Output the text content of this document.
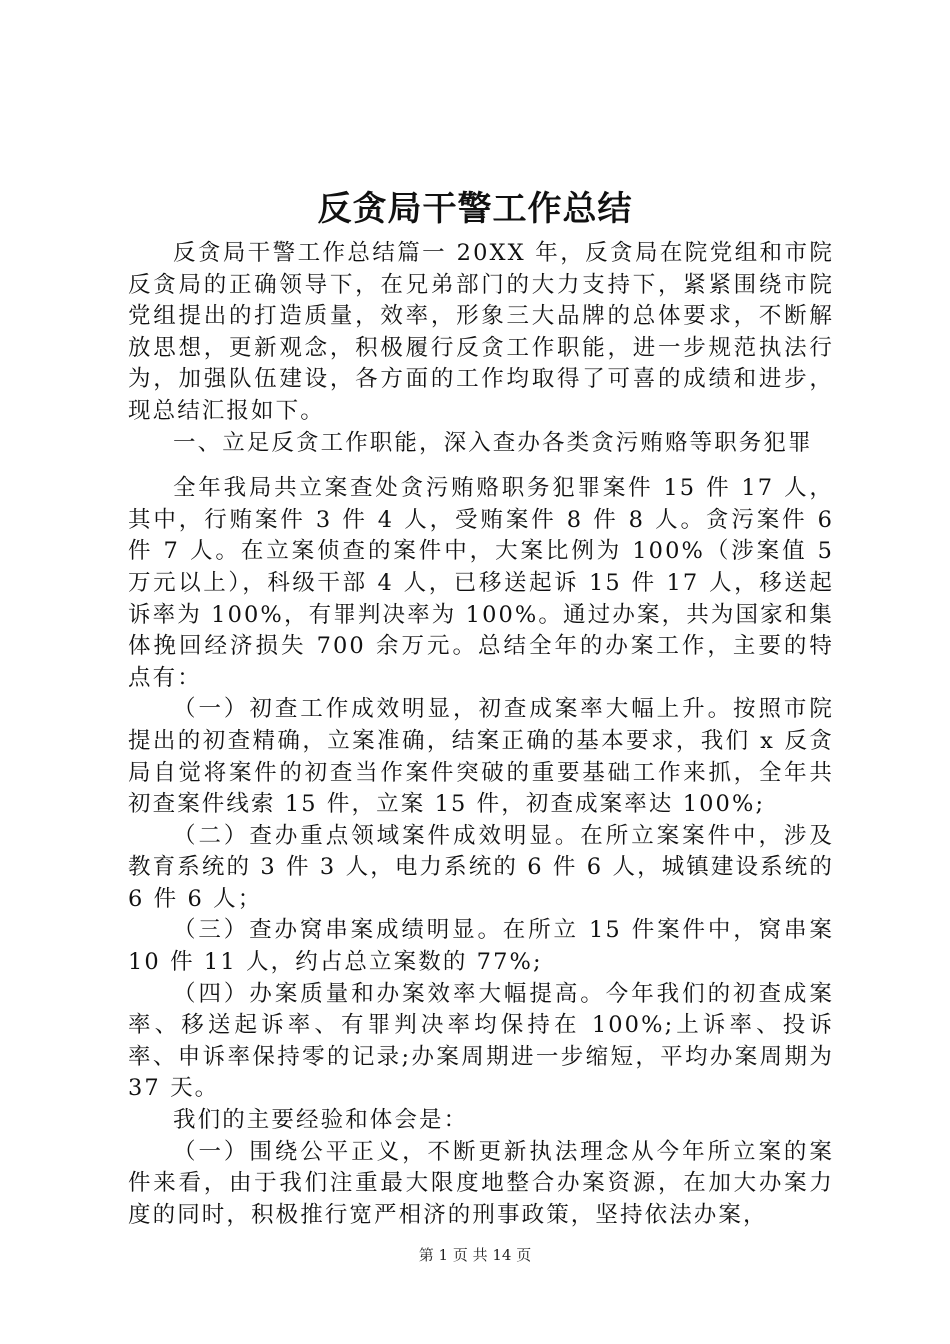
反贪局干警工作总结

反贪局干警工作总结篇一 20XX 年，反贪局在院党组和市院反贪局的正确领导下，在兄弟部门的大力支持下，紧紧围绕市院党组提出的打造质量，效率，形象三大品牌的总体要求，不断解放思想，更新观念，积极履行反贪工作职能，进一步规范执法行为，加强队伍建设，各方面的工作均取得了可喜的成绩和进步，现总结汇报如下。

一、立足反贪工作职能，深入查办各类贪污贿赂等职务犯罪

全年我局共立案查处贪污贿赂职务犯罪案件 15 件 17 人，其中，行贿案件 3 件 4 人，受贿案件 8 件 8 人。贪污案件 6 件 7 人。在立案侦查的案件中，大案比例为 100%（涉案值 5 万元以上），科级干部 4 人，已移送起诉 15 件 17 人，移送起诉率为 100%，有罪判决率为 100%。通过办案，共为国家和集体挽回经济损失 700 余万元。总结全年的办案工作，主要的特点有：

（一）初查工作成效明显，初查成案率大幅上升。按照市院提出的初查精确，立案准确，结案正确的基本要求，我们 x 反贪局自觉将案件的初查当作案件突破的重要基础工作来抓，全年共初查案件线索 15 件，立案 15 件，初查成案率达 100%;

（二）查办重点领域案件成效明显。在所立案案件中，涉及教育系统的 3 件 3 人，电力系统的 6 件 6 人，城镇建设系统的 6 件 6 人；

（三）查办窝串案成绩明显。在所立 15 件案件中，窝串案 10 件 11 人，约占总立案数的 77%;

（四）办案质量和办案效率大幅提高。今年我们的初查成案率、移送起诉率、有罪判决率均保持在 100%;上诉率、投诉率、申诉率保持零的记录;办案周期进一步缩短，平均办案周期为 37 天。

我们的主要经验和体会是：

（一）围绕公平正义，不断更新执法理念从今年所立案的案件来看，由于我们注重最大限度地整合办案资源，在加大办案力度的同时，积极推行宽严相济的刑事政策，坚持依法办案，

第 1 页 共 14 页
